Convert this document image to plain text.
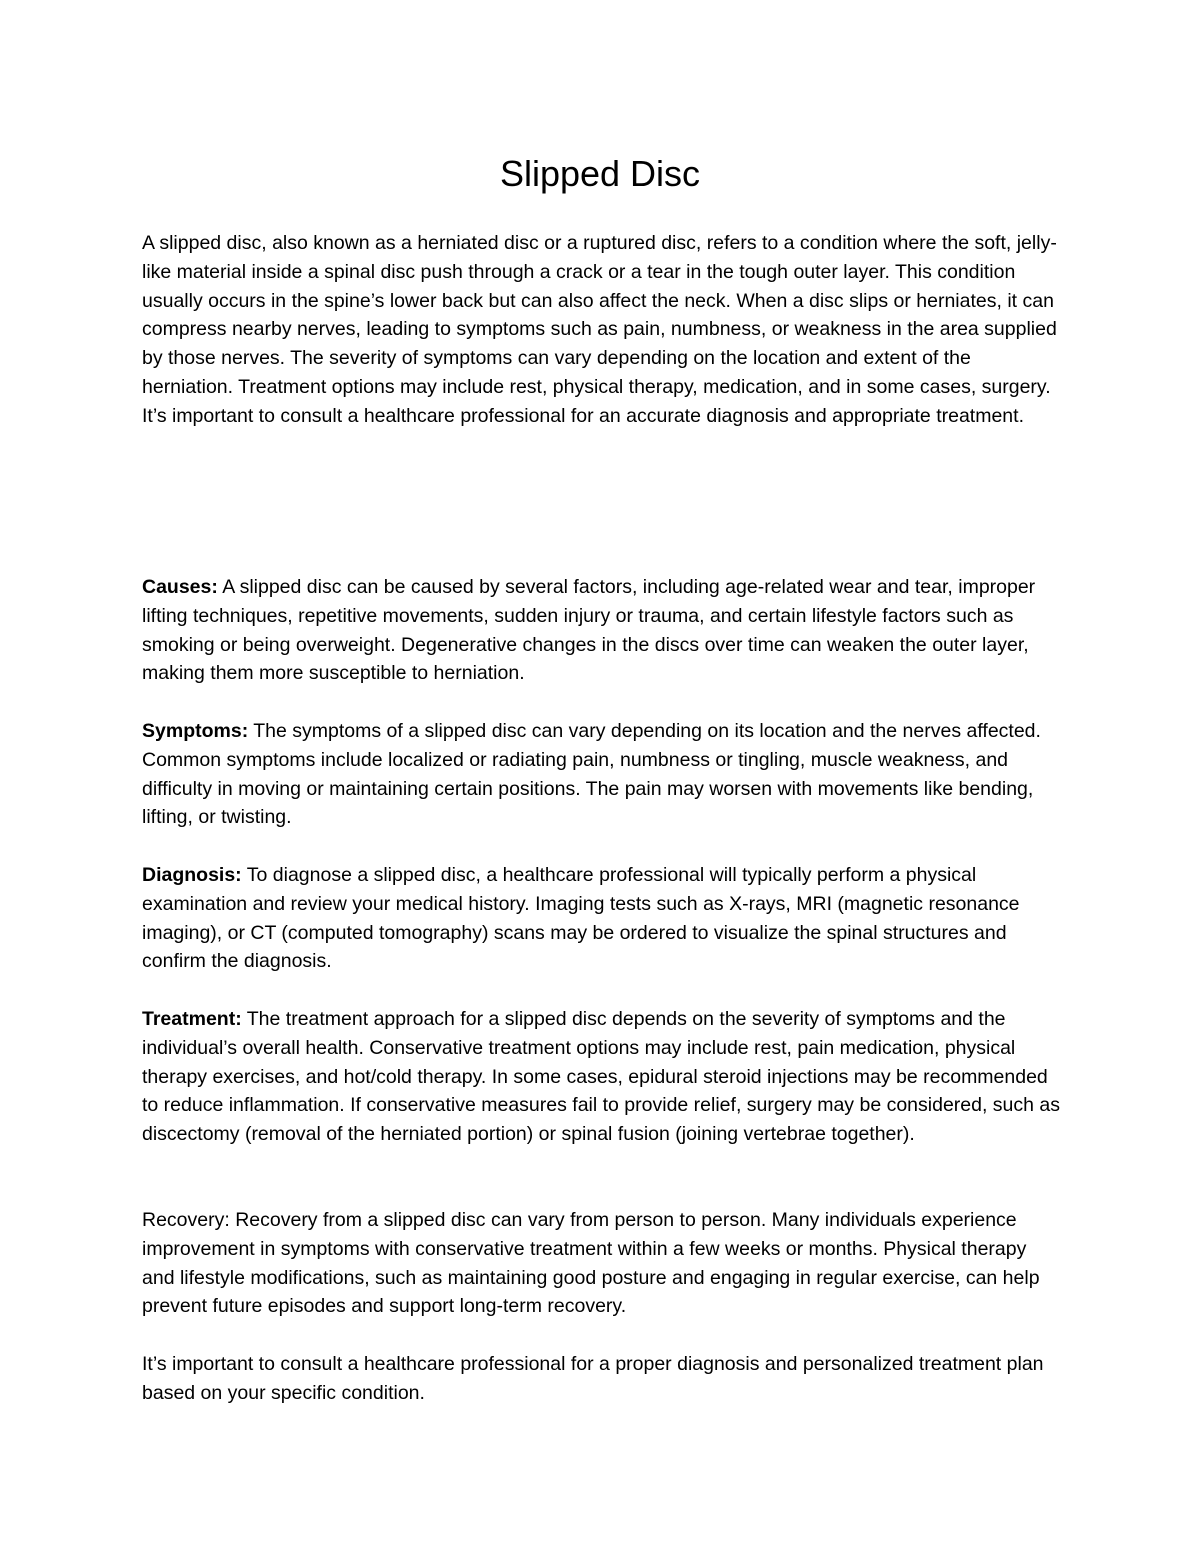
Slipped Disc

A slipped disc, also known as a herniated disc or a ruptured disc, refers to a condition where the soft, jelly-like material inside a spinal disc push through a crack or a tear in the tough outer layer. This condition usually occurs in the spine’s lower back but can also affect the neck. When a disc slips or herniates, it can compress nearby nerves, leading to symptoms such as pain, numbness, or weakness in the area supplied by those nerves. The severity of symptoms can vary depending on the location and extent of the herniation. Treatment options may include rest, physical therapy, medication, and in some cases, surgery. It’s important to consult a healthcare professional for an accurate diagnosis and appropriate treatment.

Causes: A slipped disc can be caused by several factors, including age-related wear and tear, improper lifting techniques, repetitive movements, sudden injury or trauma, and certain lifestyle factors such as smoking or being overweight. Degenerative changes in the discs over time can weaken the outer layer, making them more susceptible to herniation.

Symptoms: The symptoms of a slipped disc can vary depending on its location and the nerves affected. Common symptoms include localized or radiating pain, numbness or tingling, muscle weakness, and difficulty in moving or maintaining certain positions. The pain may worsen with movements like bending, lifting, or twisting.

Diagnosis: To diagnose a slipped disc, a healthcare professional will typically perform a physical examination and review your medical history. Imaging tests such as X-rays, MRI (magnetic resonance imaging), or CT (computed tomography) scans may be ordered to visualize the spinal structures and confirm the diagnosis.

Treatment: The treatment approach for a slipped disc depends on the severity of symptoms and the individual’s overall health. Conservative treatment options may include rest, pain medication, physical therapy exercises, and hot/cold therapy. In some cases, epidural steroid injections may be recommended to reduce inflammation. If conservative measures fail to provide relief, surgery may be considered, such as discectomy (removal of the herniated portion) or spinal fusion (joining vertebrae together).

Recovery: Recovery from a slipped disc can vary from person to person. Many individuals experience improvement in symptoms with conservative treatment within a few weeks or months. Physical therapy and lifestyle modifications, such as maintaining good posture and engaging in regular exercise, can help prevent future episodes and support long-term recovery.

It’s important to consult a healthcare professional for a proper diagnosis and personalized treatment plan based on your specific condition.
